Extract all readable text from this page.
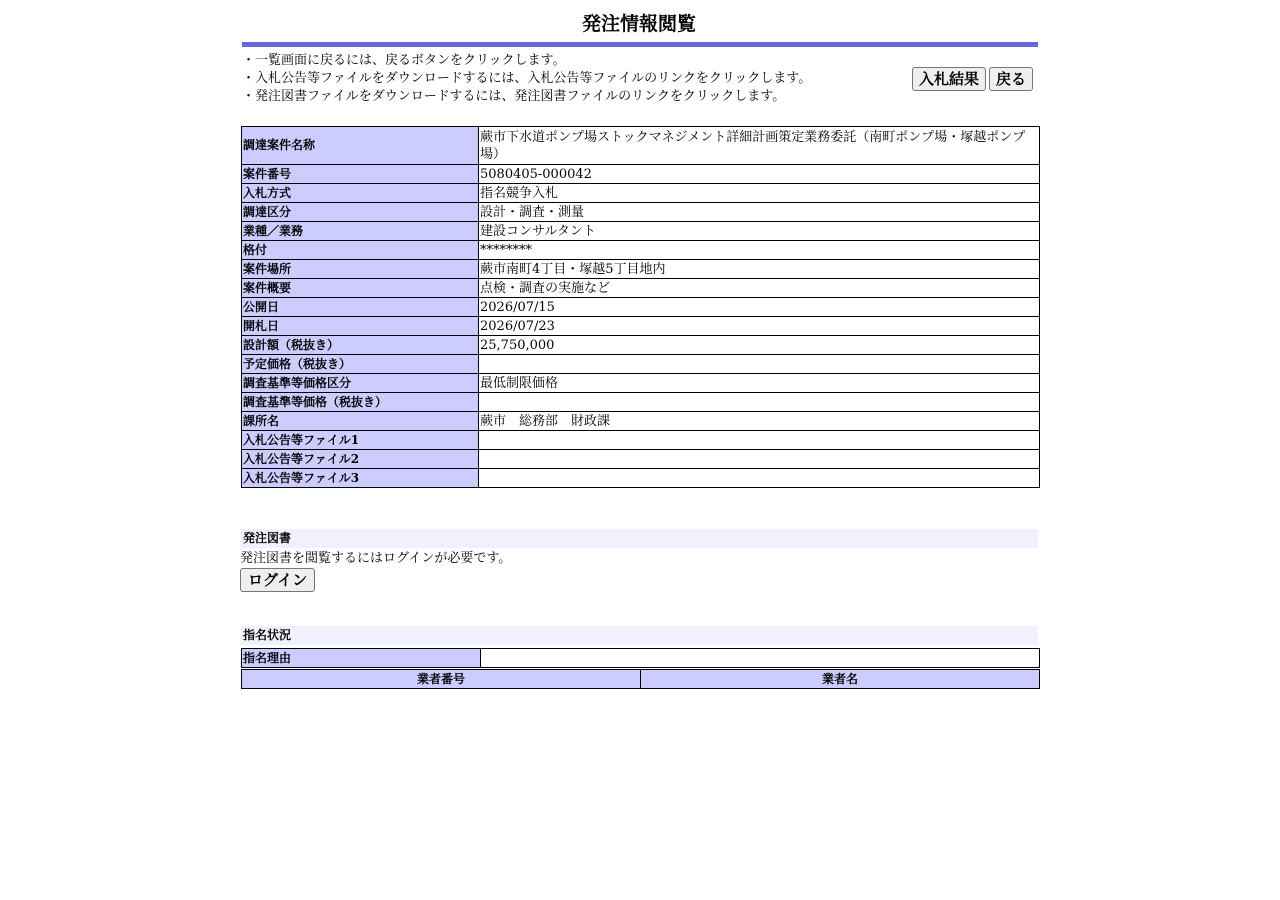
発注情報閲覧
・一覧画面に戻るには、戻るボタンをクリックします。
・入札公告等ファイルをダウンロードするには、入札公告等ファイルのリンクをクリックします。
・発注図書ファイルをダウンロードするには、発注図書ファイルのリンクをクリックします。
入札結果	戻る
調達案件名称	蕨市下水道ポンプ場ストックマネジメント詳細計画策定業務委託（南町ポンプ場・塚越ポンプ場）
案件番号	5080405-000042
入札方式	指名競争入札
調達区分	設計・調査・測量
業種／業務	建設コンサルタント
格付	********
案件場所	蕨市南町4丁目・塚越5丁目地内
案件概要	点検・調査の実施など
公開日	2026/07/15
開札日	2026/07/23
設計額（税抜き）	25,750,000
予定価格（税抜き）	
調査基準等価格区分	最低制限価格
調査基準等価格（税抜き）	
課所名	蕨市　総務部　財政課
入札公告等ファイル1	
入札公告等ファイル2	
入札公告等ファイル3	
発注図書
発注図書を閲覧するにはログインが必要です。
ログイン
指名状況
指名理由	
業者番号	業者名
